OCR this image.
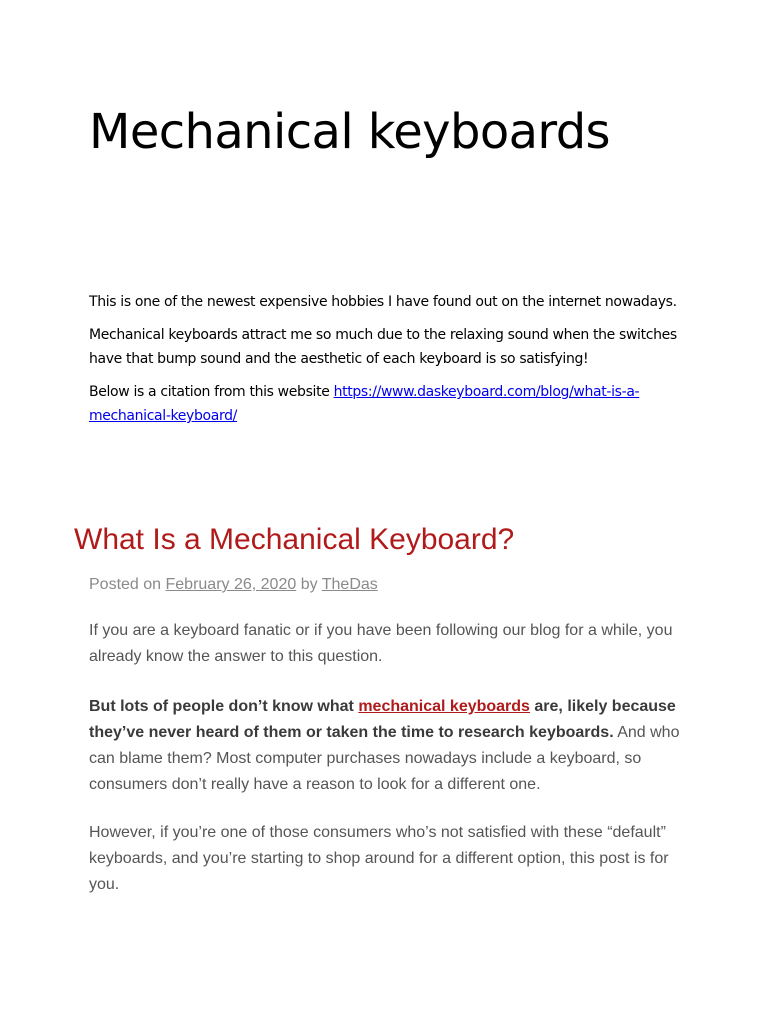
Mechanical keyboards

This is one of the newest expensive hobbies I have found out on the internet nowadays.

Mechanical keyboards attract me so much due to the relaxing sound when the switches have that bump sound and the aesthetic of each keyboard is so satisfying!

Below is a citation from this website https://www.daskeyboard.com/blog/what-is-a-mechanical-keyboard/

What Is a Mechanical Keyboard?
Posted on February 26, 2020 by TheDas

If you are a keyboard fanatic or if you have been following our blog for a while, you already know the answer to this question.

But lots of people don’t know what mechanical keyboards are, likely because they’ve never heard of them or taken the time to research keyboards. And who can blame them? Most computer purchases nowadays include a keyboard, so consumers don’t really have a reason to look for a different one.

However, if you’re one of those consumers who’s not satisfied with these “default” keyboards, and you’re starting to shop around for a different option, this post is for you.
